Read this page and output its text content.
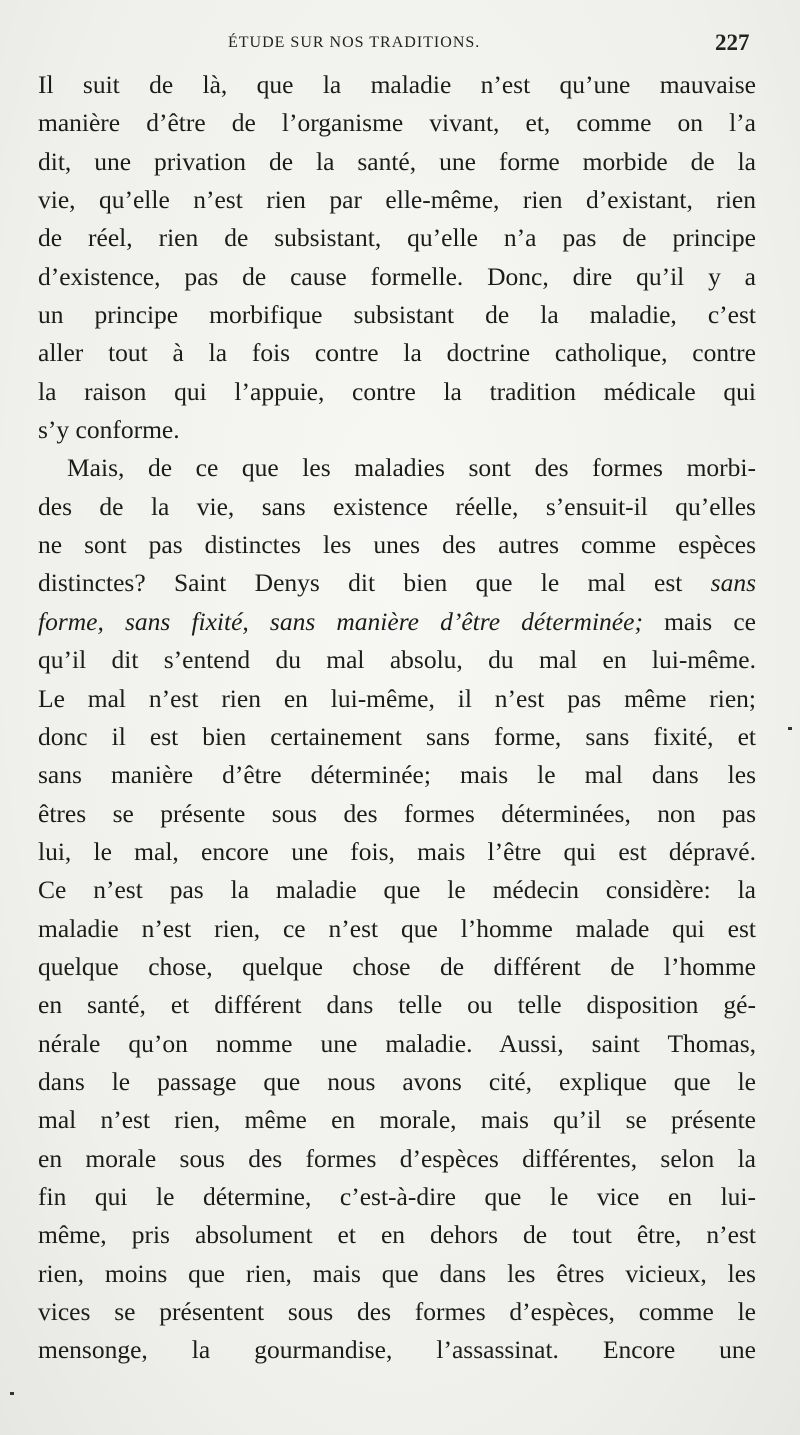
ÉTUDE SUR NOS TRADITIONS.	227
Il suit de là, que la maladie n’est qu’une mauvaise
manière d’être de l’organisme vivant, et, comme on l’a
dit, une privation de la santé, une forme morbide de la
vie, qu’elle n’est rien par elle-même, rien d’existant, rien
de réel, rien de subsistant, qu’elle n’a pas de principe
d’existence, pas de cause formelle. Donc, dire qu’il y a
un principe morbifique subsistant de la maladie, c’est
aller tout à la fois contre la doctrine catholique, contre
la raison qui l’appuie, contre la tradition médicale qui
s’y conforme.
Mais, de ce que les maladies sont des formes morbi-
des de la vie, sans existence réelle, s’ensuit-il qu’elles
ne sont pas distinctes les unes des autres comme espèces
distinctes? Saint Denys dit bien que le mal est sans
forme, sans fixité, sans manière d’être déterminée; mais ce
qu’il dit s’entend du mal absolu, du mal en lui-même.
Le mal n’est rien en lui-même, il n’est pas même rien;
donc il est bien certainement sans forme, sans fixité, et
sans manière d’être déterminée; mais le mal dans les
êtres se présente sous des formes déterminées, non pas
lui, le mal, encore une fois, mais l’être qui est dépravé.
Ce n’est pas la maladie que le médecin considère: la
maladie n’est rien, ce n’est que l’homme malade qui est
quelque chose, quelque chose de différent de l’homme
en santé, et différent dans telle ou telle disposition gé-
nérale qu’on nomme une maladie. Aussi, saint Thomas,
dans le passage que nous avons cité, explique que le
mal n’est rien, même en morale, mais qu’il se présente
en morale sous des formes d’espèces différentes, selon la
fin qui le détermine, c’est-à-dire que le vice en lui-
même, pris absolument et en dehors de tout être, n’est
rien, moins que rien, mais que dans les êtres vicieux, les
vices se présentent sous des formes d’espèces, comme le
mensonge, la gourmandise, l’assassinat. Encore une
